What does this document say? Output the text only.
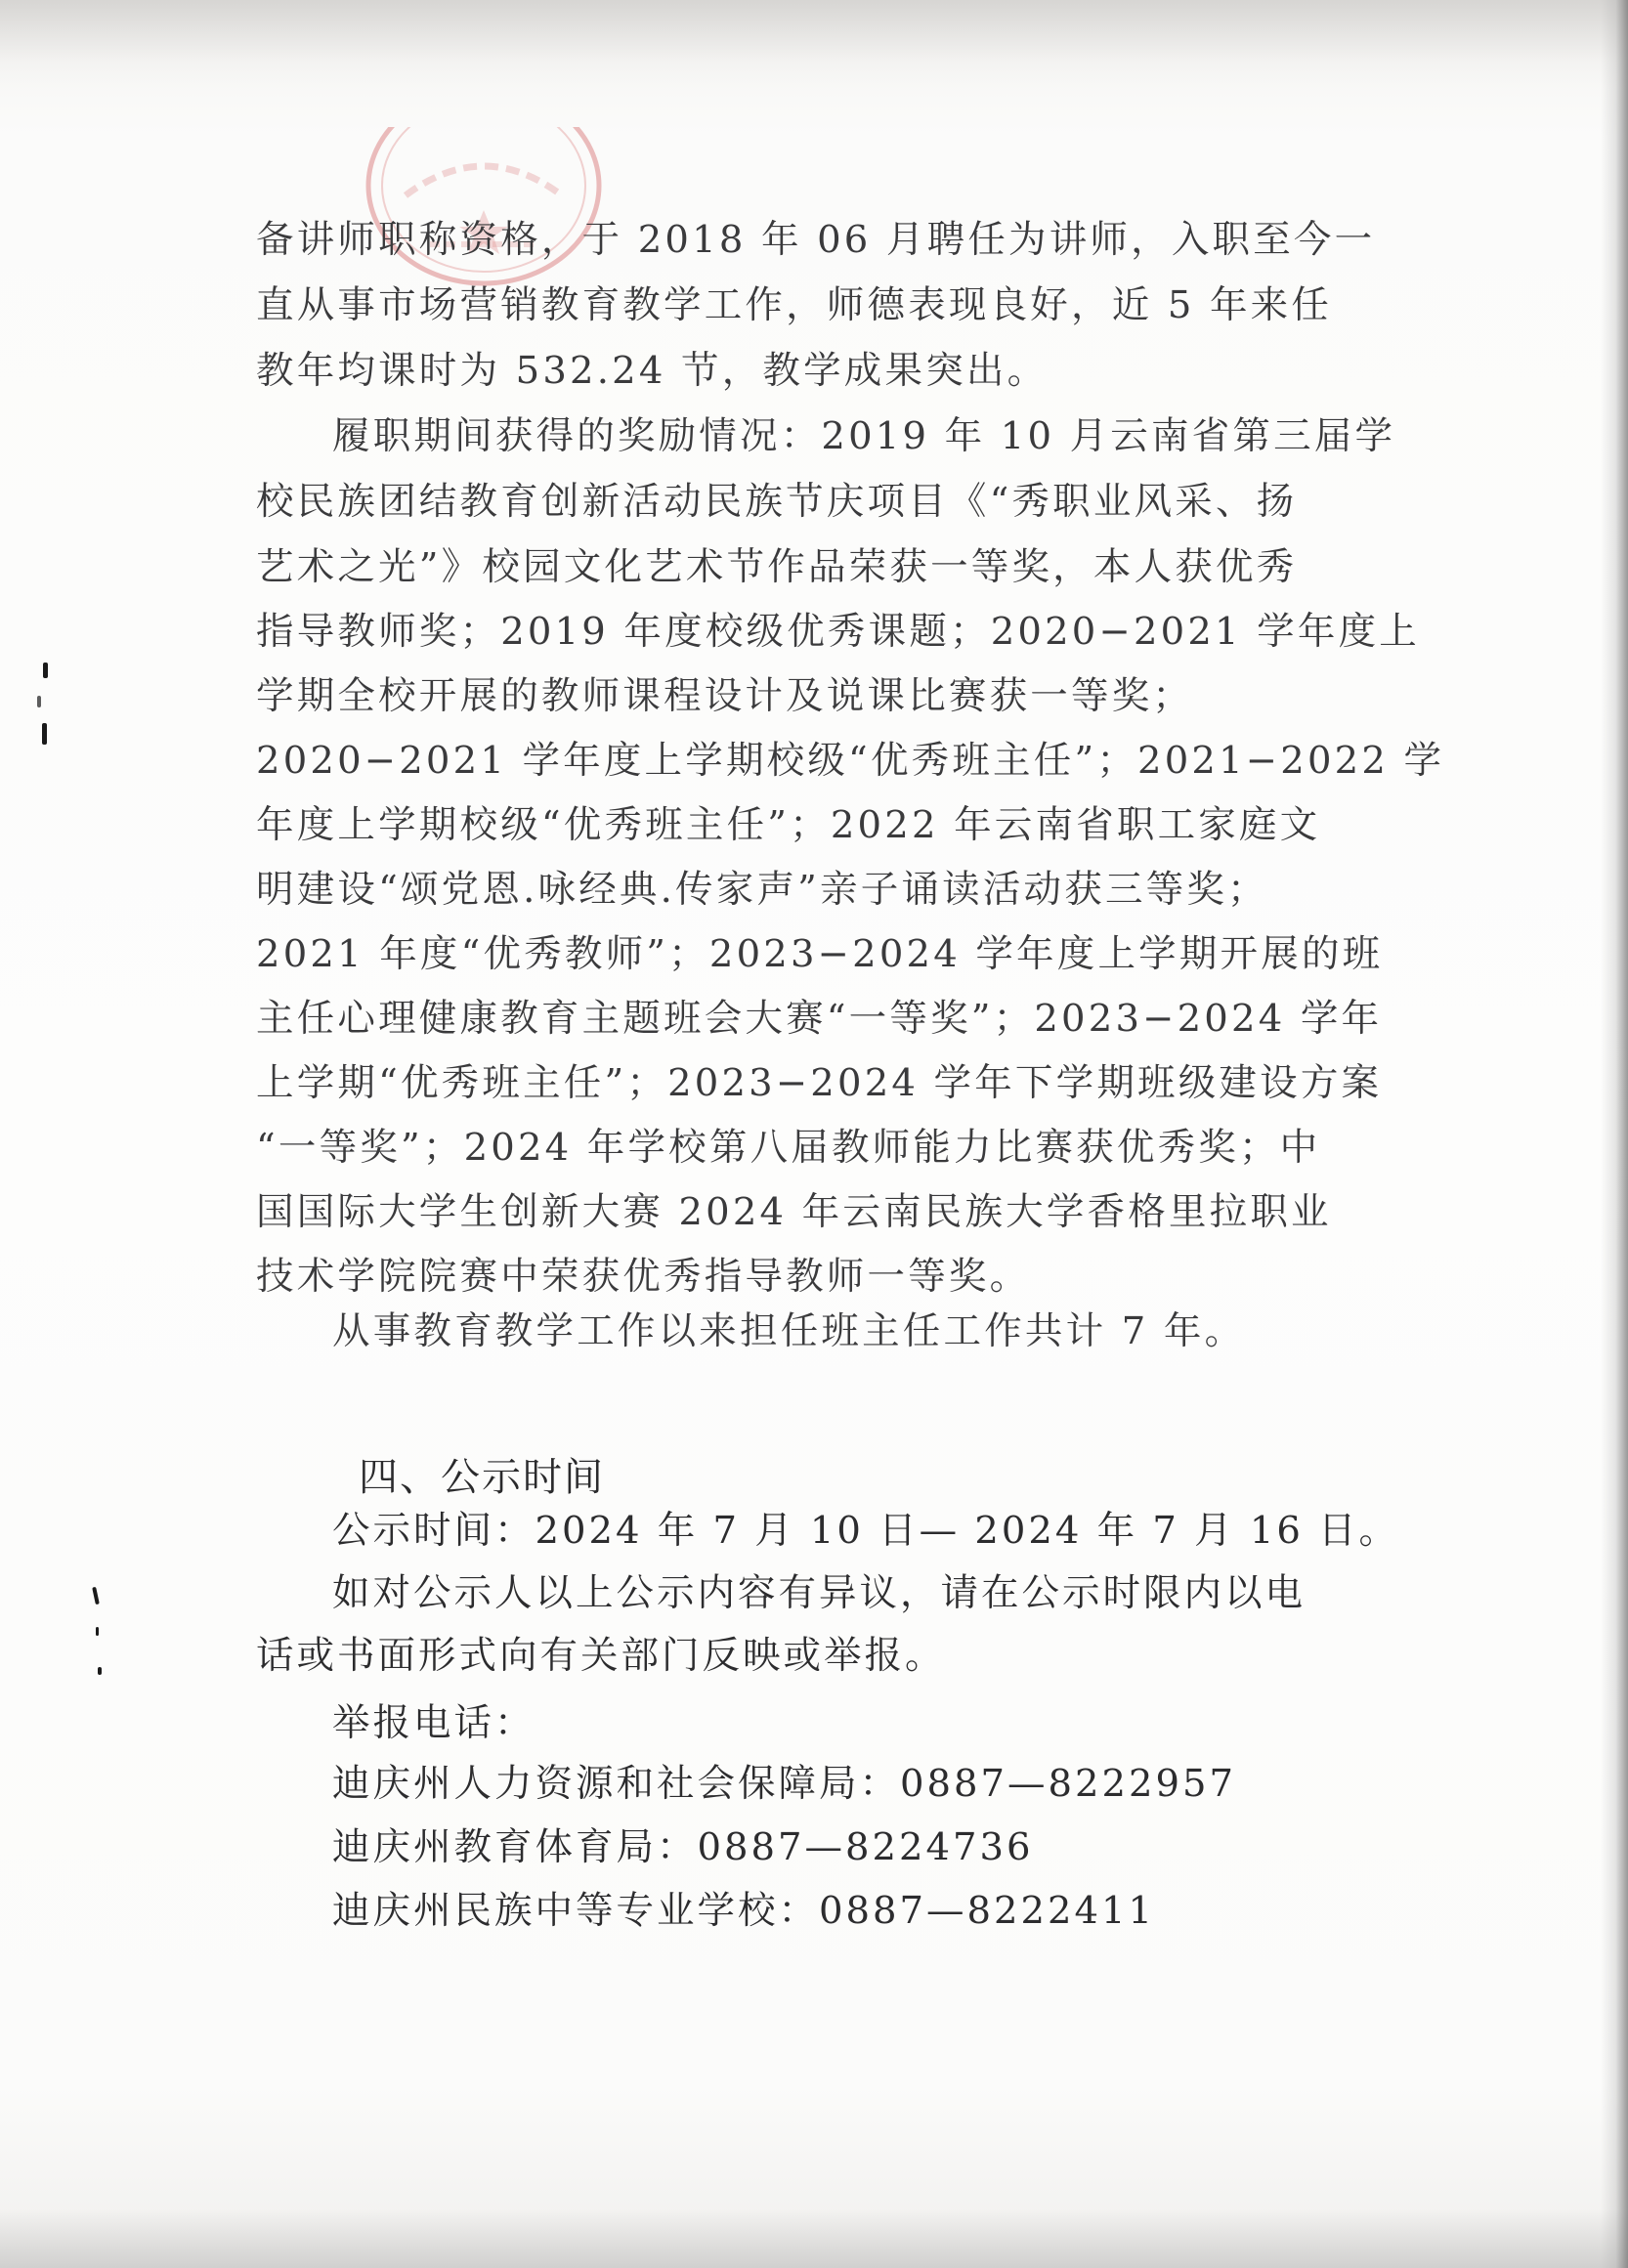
备讲师职称资格，于 2018 年 06 月聘任为讲师，入职至今一
直从事市场营销教育教学工作，师德表现良好，近 5 年来任
教年均课时为 532.24 节，教学成果突出。
履职期间获得的奖励情况：2019 年 10 月云南省第三届学
校民族团结教育创新活动民族节庆项目《“秀职业风采、扬
艺术之光”》校园文化艺术节作品荣获一等奖，本人获优秀
指导教师奖；2019 年度校级优秀课题；2020−2021 学年度上
学期全校开展的教师课程设计及说课比赛获一等奖；
2020−2021 学年度上学期校级“优秀班主任”；2021−2022 学
年度上学期校级“优秀班主任”；2022 年云南省职工家庭文
明建设“颂党恩.咏经典.传家声”亲子诵读活动获三等奖；
2021 年度“优秀教师”；2023−2024 学年度上学期开展的班
主任心理健康教育主题班会大赛“一等奖”；2023−2024 学年
上学期“优秀班主任”；2023−2024 学年下学期班级建设方案
“一等奖”；2024 年学校第八届教师能力比赛获优秀奖；中
国国际大学生创新大赛 2024 年云南民族大学香格里拉职业
技术学院院赛中荣获优秀指导教师一等奖。
从事教育教学工作以来担任班主任工作共计 7 年。
四、公示时间
公示时间：2024 年 7 月 10 日— 2024 年 7 月 16 日。
如对公示人以上公示内容有异议，请在公示时限内以电
话或书面形式向有关部门反映或举报。
举报电话：
迪庆州人力资源和社会保障局：0887—8222957
迪庆州教育体育局：0887—8224736
迪庆州民族中等专业学校：0887—8222411
